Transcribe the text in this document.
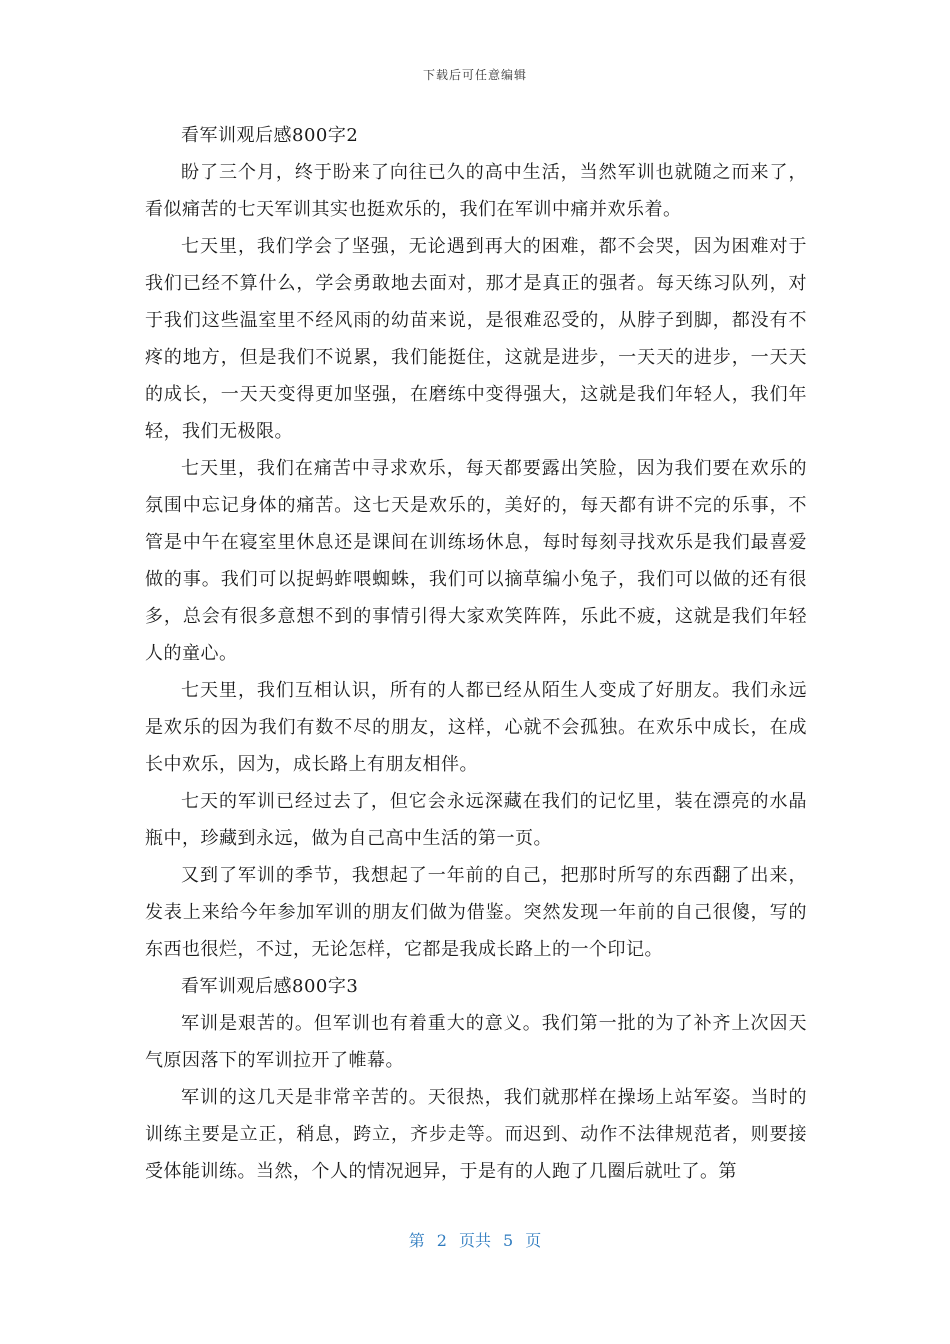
下载后可任意编辑

看军训观后感800字2

盼了三个月，终于盼来了向往已久的高中生活，当然军训也就随之而来了，看似痛苦的七天军训其实也挺欢乐的，我们在军训中痛并欢乐着。

七天里，我们学会了坚强，无论遇到再大的困难，都不会哭，因为困难对于我们已经不算什么，学会勇敢地去面对，那才是真正的强者。每天练习队列，对于我们这些温室里不经风雨的幼苗来说，是很难忍受的，从脖子到脚，都没有不疼的地方，但是我们不说累，我们能挺住，这就是进步，一天天的进步，一天天的成长，一天天变得更加坚强，在磨练中变得强大，这就是我们年轻人，我们年轻，我们无极限。

七天里，我们在痛苦中寻求欢乐，每天都要露出笑脸，因为我们要在欢乐的氛围中忘记身体的痛苦。这七天是欢乐的，美好的，每天都有讲不完的乐事，不管是中午在寝室里休息还是课间在训练场休息，每时每刻寻找欢乐是我们最喜爱做的事。我们可以捉蚂蚱喂蜘蛛，我们可以摘草编小兔子，我们可以做的还有很多，总会有很多意想不到的事情引得大家欢笑阵阵，乐此不疲，这就是我们年轻人的童心。

七天里，我们互相认识，所有的人都已经从陌生人变成了好朋友。我们永远是欢乐的因为我们有数不尽的朋友，这样，心就不会孤独。在欢乐中成长，在成长中欢乐，因为，成长路上有朋友相伴。

七天的军训已经过去了，但它会永远深藏在我们的记忆里，装在漂亮的水晶瓶中，珍藏到永远，做为自己高中生活的第一页。

又到了军训的季节，我想起了一年前的自己，把那时所写的东西翻了出来，发表上来给今年参加军训的朋友们做为借鉴。突然发现一年前的自己很傻，写的东西也很烂，不过，无论怎样，它都是我成长路上的一个印记。

看军训观后感800字3

军训是艰苦的。但军训也有着重大的意义。我们第一批的为了补齐上次因天气原因落下的军训拉开了帷幕。

军训的这几天是非常辛苦的。天很热，我们就那样在操场上站军姿。当时的训练主要是立正，稍息，跨立，齐步走等。而迟到、动作不法律规范者，则要接受体能训练。当然，个人的情况迥异，于是有的人跑了几圈后就吐了。第

第 2 页共 5 页
